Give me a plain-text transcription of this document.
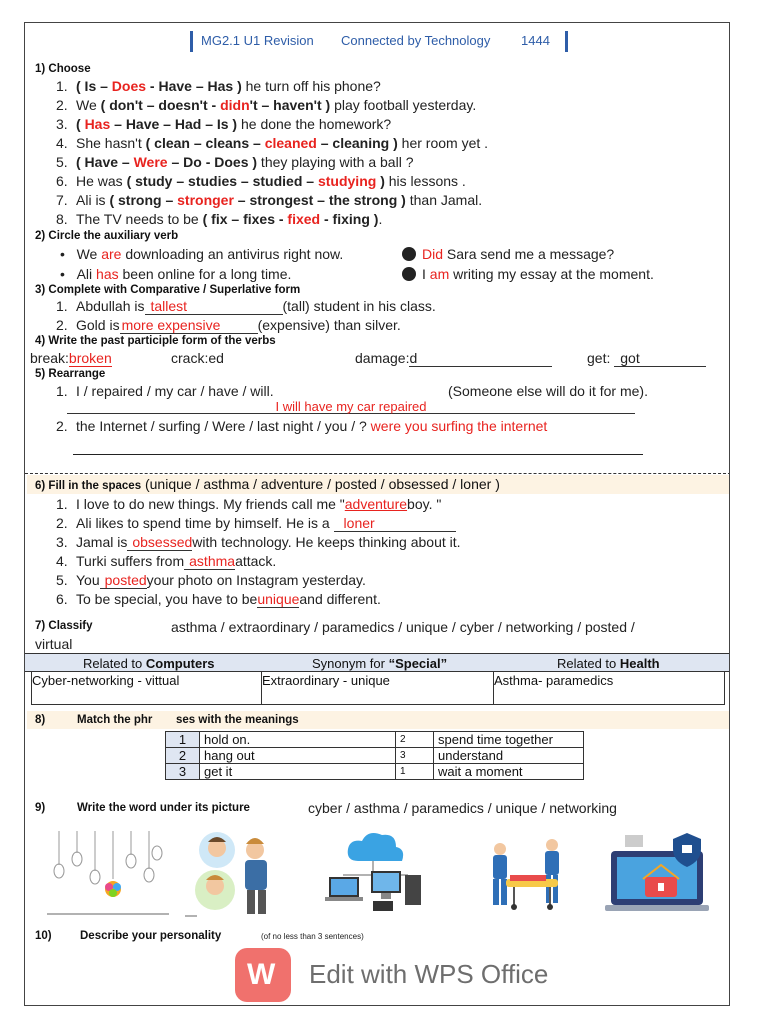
MG2.1 U1 Revision Connected by Technology 1444
1) Choose
1. ( Is – Does - Have – Has ) he turn off his phone?
2. We ( don't – doesn't - didn't – haven't ) play football yesterday.
3. ( Has – Have – Had – Is ) he done the homework?
4. She hasn't ( clean – cleans – cleaned – cleaning ) her room yet .
5. ( Have – Were – Do - Does ) they playing with a ball ?
6. He was ( study – studies – studied – studying ) his lessons .
7. Ali is ( strong – stronger – strongest – the strong ) than Jamal.
8. The TV needs to be ( fix – fixes - fixed - fixing ).
2) Circle the auxiliary verb
•   We are downloading an antivirus right now.	Did Sara send me a message?
•   Ali has been online for a long time.	I am writing my essay at the moment.
3) Complete with Comparative / Superlative form
1. Abdullah is tallest	(tall) student in his class.
2. Gold is more expensive	(expensive) than silver.
4) Write the past participle form of the verbs
break:broken	crack:ed	damage:d	get: got
5) Rearrange
1. I / repaired / my car / have / will.	(Someone else will do it for me).
I will have my car repaired
2. the Internet / surfing / Were / last night / you / ? were you surfing the internet
6) Fill in the spaces (unique / asthma / adventure / posted / obsessed / loner )
1. I love to do new things. My friends call me "adventureboy. "
2. Ali likes to spend time by himself. He is a loner
3. Jamal is obsessedwith technology. He keeps thinking about it.
4. Turki suffers from asthmaattack.
5. You postedyour photo on Instagram yesterday.
6. To be special, you have to beuniqueand different.
7) Classify	asthma / extraordinary / paramedics / unique / cyber / networking / posted /
virtual
Related to Computers	Synonym for “Special”	Related to Health
Cyber-networking - vittual	Extraordinary - unique	Asthma- paramedics
8)	Match the phr ses with the meanings
1	hold on.	2	spend time together
2	hang out	3	understand
3	get it	1	wait a moment
9)	Write the word under its picture	cyber / asthma / paramedics / unique / networking
10) Describe your personality	(of no less than 3 sentences)
W Edit with WPS Office
